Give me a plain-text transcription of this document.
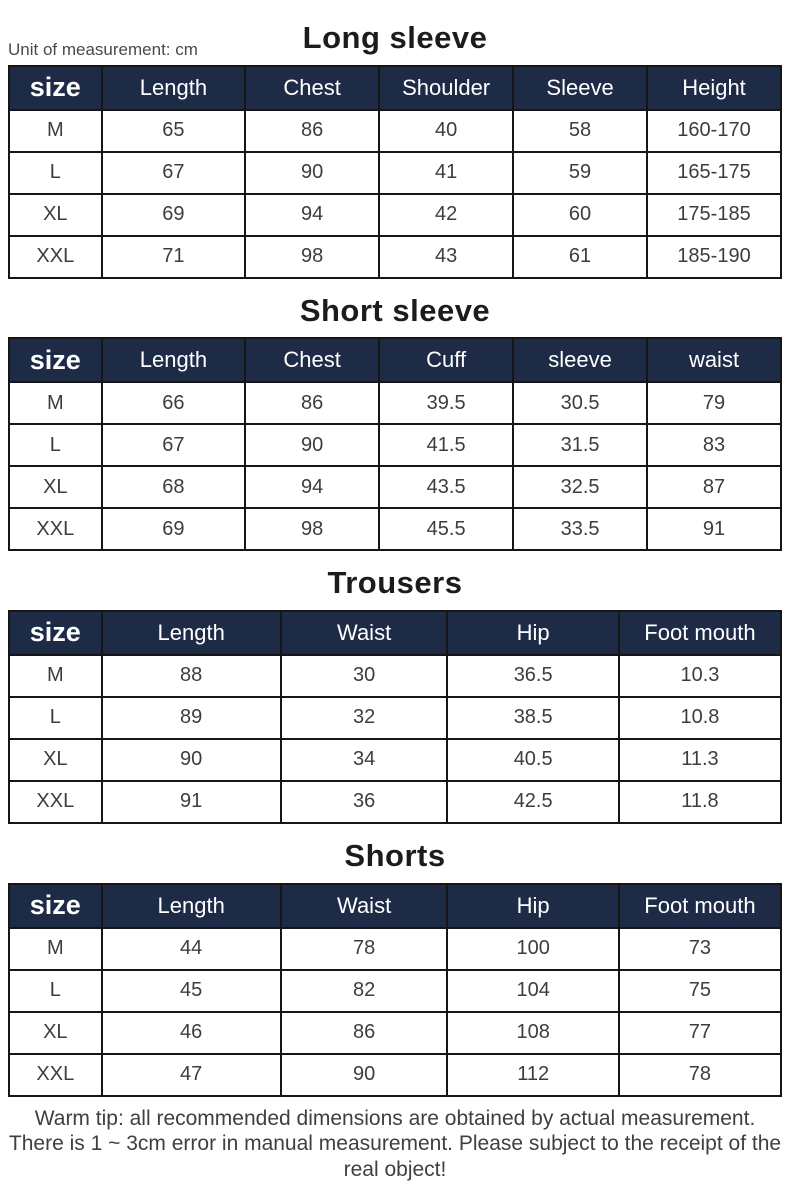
Unit of measurement: cm	Long sleeve
size	Length	Chest	Shoulder	Sleeve	Height
M	65	86	40	58	160-170
L	67	90	41	59	165-175
XL	69	94	42	60	175-185
XXL	71	98	43	61	185-190
Short sleeve
size	Length	Chest	Cuff	sleeve	waist
M	66	86	39.5	30.5	79
L	67	90	41.5	31.5	83
XL	68	94	43.5	32.5	87
XXL	69	98	45.5	33.5	91
Trousers
size	Length	Waist	Hip	Foot mouth
M	88	30	36.5	10.3
L	89	32	38.5	10.8
XL	90	34	40.5	11.3
XXL	91	36	42.5	11.8
Shorts
size	Length	Waist	Hip	Foot mouth
M	44	78	100	73
L	45	82	104	75
XL	46	86	108	77
XXL	47	90	112	78

Warm tip: all recommended dimensions are obtained by actual measurement. There is 1 ~ 3cm error in manual measurement. Please subject to the receipt of the real object!
